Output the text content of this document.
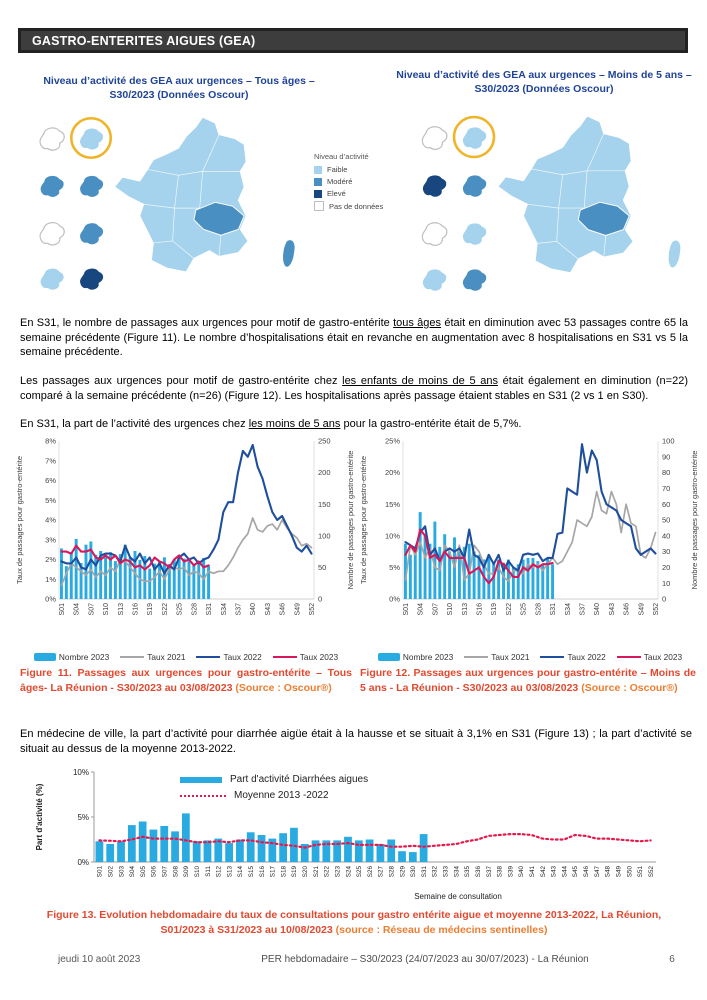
GASTRO-ENTERITES AIGUES (GEA)
Niveau d’activité des GEA aux urgences – Tous âges – S30/2023 (Données Oscour)
Niveau d’activité des GEA aux urgences – Moins de 5 ans – S30/2023 (Données Oscour)
Niveau d’activité
Faible
Modéré
Elevé
Pas de données

En S31, le nombre de passages aux urgences pour motif de gastro-entérite tous âges était en diminution avec 53 passages contre 65 la semaine précédente (Figure 11). Le nombre d’hospitalisations était en revanche en augmentation avec 8 hospitalisations en S31 vs 5 la semaine précédente.

Les passages aux urgences pour motif de gastro-entérite chez les enfants de moins de 5 ans était également en diminution (n=22) comparé à la semaine précédente (n=26) (Figure 12). Les hospitalisations après passage étaient stables en S31 (2 vs 1 en S30).

En S31, la part de l’activité des urgences chez les moins de 5 ans pour la gastro-entérite était de 5,7%.

0%
1%
2%
3%
4%
5%
6%
7%
8%
0
50
100
150
200
250
S01 S04 S07 S10 S13 S16 S19 S22 S25 S28 S31 S34 S37 S40 S43 S46 S49 S52
Taux de passages pour gastro-entérite	Nombre de passages pour gastro-entérite
Nombre 2023	Taux 2021	Taux 2022	Taux 2023
0%
5%
10%
15%
20%
25%
0
10
20
30
40
50
60
70
80
90
100
S01 S04 S07 S10 S13 S16 S19 S22 S25 S28 S31 S34 S37 S40 S43 S46 S49 S52
Taux de passages pour gastro-entérite	Nombre de passages pour gastro-entérite
Nombre 2023	Taux 2021	Taux 2022	Taux 2023
Figure 11. Passages aux urgences pour gastro-entérite – Tous âges- La Réunion - S30/2023 au 03/08/2023 (Source : Oscour®)
Figure 12. Passages aux urgences pour gastro-entérite – Moins de 5 ans - La Réunion - S30/2023 au 03/08/2023 (Source : Oscour®)

En médecine de ville, la part d’activité pour diarrhée aigüe était à la hausse et se situait à 3,1% en S31 (Figure 13) ; la part d’activité se situait au dessus de la moyenne 2013-2022.

0%
5%
10%
S01 S02 S03 S04 S05 S06 S07 S08 S09 S10 S11 S12 S13 S14 S15 S16 S17 S18 S19 S20 S21 S22 S23 S24 S25 S26 S27 S28 S29 S30 S31 S32 S33 S34 S35 S36 S37 S38 S39 S40 S41 S42 S43 S44 S45 S46 S47 S48 S49 S50 S51 S52
Part d'activité (%)
Semaine de consultation
Part d'activité Diarrhées aigues
Moyenne 2013 -2022
Figure 13. Evolution hebdomadaire du taux de consultations pour gastro entérite aigue et moyenne 2013-2022, La Réunion, S01/2023 à S31/2023 au 10/08/2023 (source : Réseau de médecins sentinelles)
jeudi 10 août 2023	PER hebdomadaire – S30/2023 (24/07/2023 au 30/07/2023) - La Réunion	6
